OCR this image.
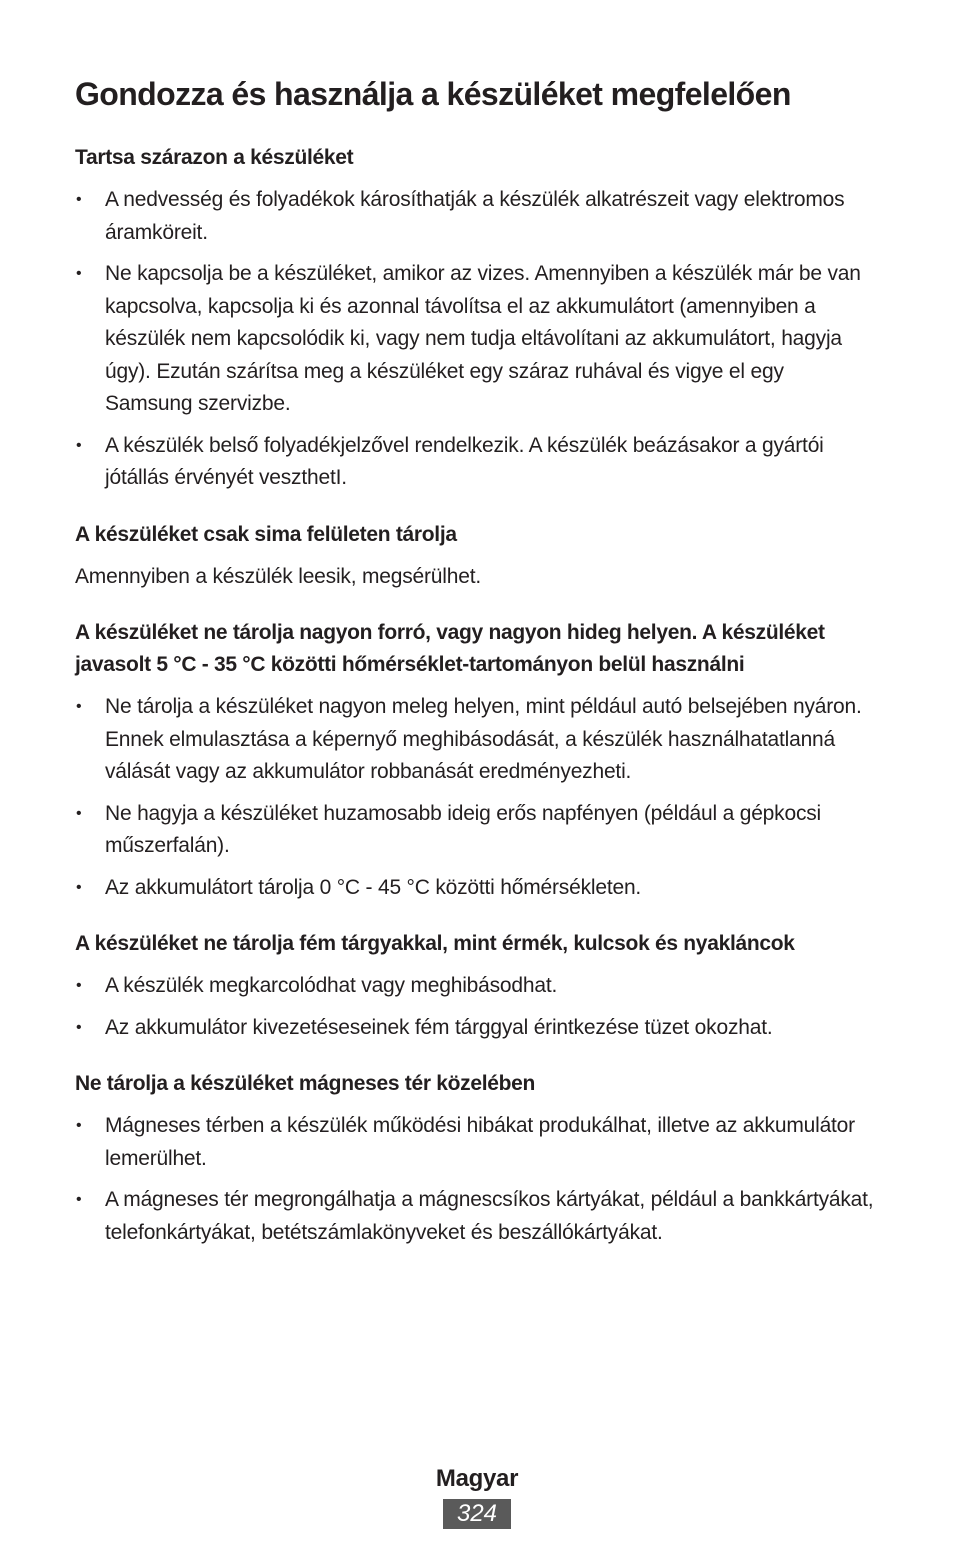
Gondozza és használja a készüléket megfelelően
Tartsa szárazon a készüléket
• A nedvesség és folyadékok károsíthatják a készülék alkatrészeit vagy elektromos áramköreit.
• Ne kapcsolja be a készüléket, amikor az vizes. Amennyiben a készülék már be van kapcsolva, kapcsolja ki és azonnal távolítsa el az akkumulátort (amennyiben a készülék nem kapcsolódik ki, vagy nem tudja eltávolítani az akkumulátort, hagyja úgy). Ezután szárítsa meg a készüléket egy száraz ruhával és vigye el egy Samsung szervizbe.
• A készülék belső folyadékjelzővel rendelkezik. A készülék beázásakor a gyártói jótállás érvényét veszthetI.
A készüléket csak sima felületen tárolja

Amennyiben a készülék leesik, megsérülhet.

A készüléket ne tárolja nagyon forró, vagy nagyon hideg helyen. A készüléket javasolt 5 °C - 35 °C közötti hőmérséklet-tartományon belül használni
• Ne tárolja a készüléket nagyon meleg helyen, mint például autó belsejében nyáron. Ennek elmulasztása a képernyő meghibásodását, a készülék használhatatlanná válását vagy az akkumulátor robbanását eredményezheti.
• Ne hagyja a készüléket huzamosabb ideig erős napfényen (például a gépkocsi műszerfalán).
• Az akkumulátort tárolja 0 °C - 45 °C közötti hőmérsékleten.
A készüléket ne tárolja fém tárgyakkal, mint érmék, kulcsok és nyakláncok
• A készülék megkarcolódhat vagy meghibásodhat.
• Az akkumulátor kivezetéseseinek fém tárggyal érintkezése tüzet okozhat.
Ne tárolja a készüléket mágneses tér közelében
• Mágneses térben a készülék működési hibákat produkálhat, illetve az akkumulátor lemerülhet.
• A mágneses tér megrongálhatja a mágnescsíkos kártyákat, például a bankkártyákat, telefonkártyákat, betétszámlakönyveket és beszállókártyákat.
Magyar
324
